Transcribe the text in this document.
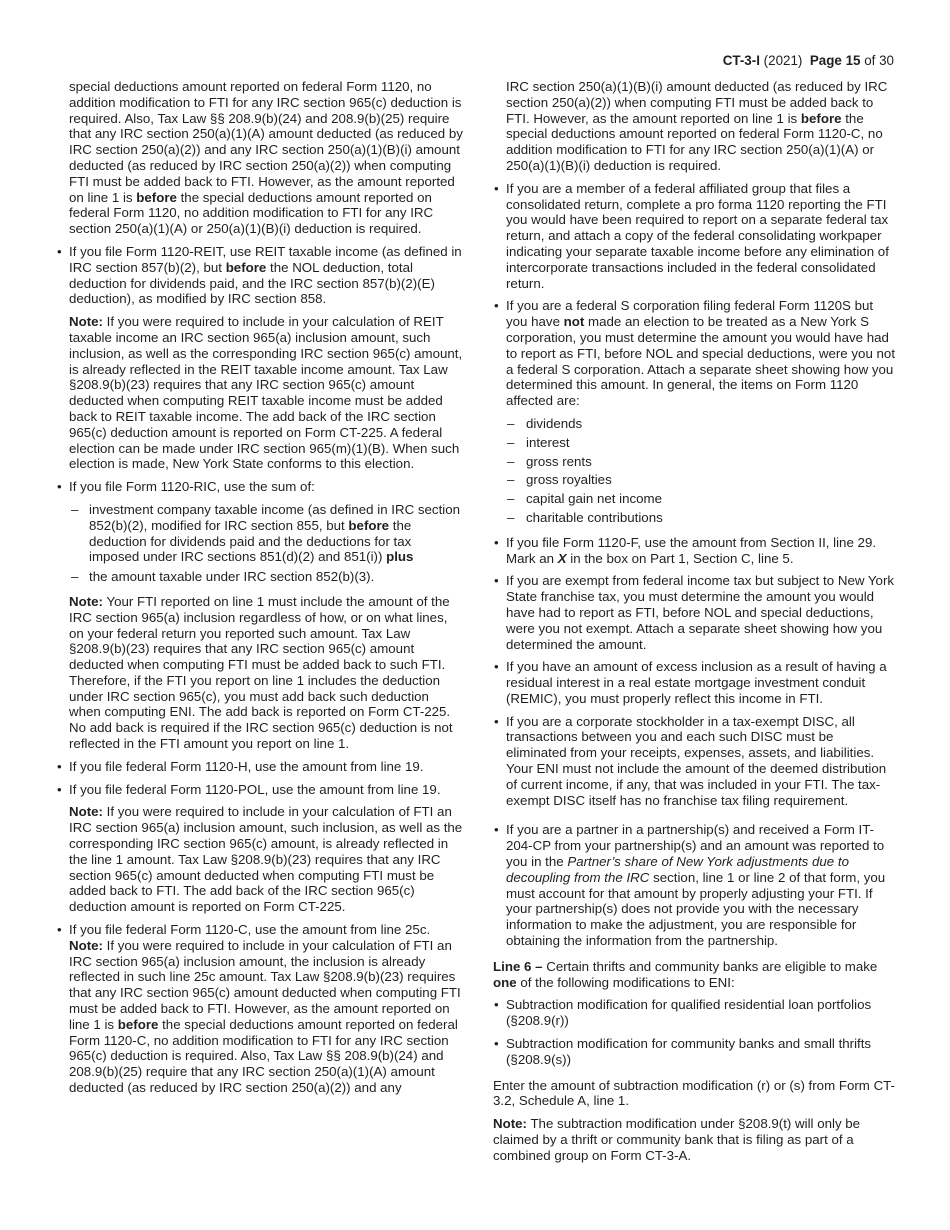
CT-3-I (2021) Page 15 of 30

special deductions amount reported on federal Form 1120, no addition modification to FTI for any IRC section 965(c) deduction is required. Also, Tax Law §§ 208.9(b)(24) and 208.9(b)(25) require that any IRC section 250(a)(1)(A) amount deducted (as reduced by IRC section 250(a)(2)) and any IRC section 250(a)(1)(B)(i) amount deducted (as reduced by IRC section 250(a)(2)) when computing FTI must be added back to FTI. However, as the amount reported on line 1 is before the special deductions amount reported on federal Form 1120, no addition modification to FTI for any IRC section 250(a)(1)(A) or 250(a)(1)(B)(i) deduction is required.

• If you file Form 1120-REIT, use REIT taxable income (as defined in IRC section 857(b)(2), but before the NOL deduction, total deduction for dividends paid, and the IRC section 857(b)(2)(E) deduction), as modified by IRC section 858.

Note: If you were required to include in your calculation of REIT taxable income an IRC section 965(a) inclusion amount, such inclusion, as well as the corresponding IRC section 965(c) amount, is already reflected in the REIT taxable income amount. Tax Law §208.9(b)(23) requires that any IRC section 965(c) amount deducted when computing REIT taxable income must be added back to REIT taxable income. The add back of the IRC section 965(c) deduction amount is reported on Form CT-225. A federal election can be made under IRC section 965(m)(1)(B). When such election is made, New York State conforms to this election.

• If you file Form 1120-RIC, use the sum of:
– investment company taxable income (as defined in IRC section 852(b)(2), modified for IRC section 855, but before the deduction for dividends paid and the deductions for tax imposed under IRC sections 851(d)(2) and 851(i)) plus
– the amount taxable under IRC section 852(b)(3).

Note: Your FTI reported on line 1 must include the amount of the IRC section 965(a) inclusion regardless of how, or on what lines, on your federal return you reported such amount. Tax Law §208.9(b)(23) requires that any IRC section 965(c) amount deducted when computing FTI must be added back to such FTI. Therefore, if the FTI you report on line 1 includes the deduction under IRC section 965(c), you must add back such deduction when computing ENI. The add back is reported on Form CT-225. No add back is required if the IRC section 965(c) deduction is not reflected in the FTI amount you report on line 1.

• If you file federal Form 1120-H, use the amount from line 19.
• If you file federal Form 1120-POL, use the amount from line 19.

Note: If you were required to include in your calculation of FTI an IRC section 965(a) inclusion amount, such inclusion, as well as the corresponding IRC section 965(c) amount, is already reflected in the line 1 amount. Tax Law §208.9(b)(23) requires that any IRC section 965(c) amount deducted when computing FTI must be added back to FTI. The add back of the IRC section 965(c) deduction amount is reported on Form CT-225.

• If you file federal Form 1120-C, use the amount from line 25c.

Note: If you were required to include in your calculation of FTI an IRC section 965(a) inclusion amount, the inclusion is already reflected in such line 25c amount. Tax Law §208.9(b)(23) requires that any IRC section 965(c) amount deducted when computing FTI must be added back to FTI. However, as the amount reported on line 1 is before the special deductions amount reported on federal Form 1120-C, no addition modification to FTI for any IRC section 965(c) deduction is required. Also, Tax Law §§ 208.9(b)(24) and 208.9(b)(25) require that any IRC section 250(a)(1)(A) amount deducted (as reduced by IRC section 250(a)(2)) and any

IRC section 250(a)(1)(B)(i) amount deducted (as reduced by IRC section 250(a)(2)) when computing FTI must be added back to FTI. However, as the amount reported on line 1 is before the special deductions amount reported on federal Form 1120-C, no addition modification to FTI for any IRC section 250(a)(1)(A) or 250(a)(1)(B)(i) deduction is required.

• If you are a member of a federal affiliated group that files a consolidated return, complete a pro forma 1120 reporting the FTI you would have been required to report on a separate federal tax return, and attach a copy of the federal consolidating workpaper indicating your separate taxable income before any elimination of intercorporate transactions included in the federal consolidated return.
• If you are a federal S corporation filing federal Form 1120S but you have not made an election to be treated as a New York S corporation, you must determine the amount you would have had to report as FTI, before NOL and special deductions, were you not a federal S corporation. Attach a separate sheet showing how you determined this amount. In general, the items on Form 1120 affected are:
– dividends
– interest
– gross rents
– gross royalties
– capital gain net income
– charitable contributions
• If you file Form 1120-F, use the amount from Section II, line 29. Mark an X in the box on Part 1, Section C, line 5.
• If you are exempt from federal income tax but subject to New York State franchise tax, you must determine the amount you would have had to report as FTI, before NOL and special deductions, were you not exempt. Attach a separate sheet showing how you determined the amount.
• If you have an amount of excess inclusion as a result of having a residual interest in a real estate mortgage investment conduit (REMIC), you must properly reflect this income in FTI.
• If you are a corporate stockholder in a tax-exempt DISC, all transactions between you and each such DISC must be eliminated from your receipts, expenses, assets, and liabilities. Your ENI must not include the amount of the deemed distribution of current income, if any, that was included in your FTI. The tax-exempt DISC itself has no franchise tax filing requirement.
• If you are a partner in a partnership(s) and received a Form IT-204-CP from your partnership(s) and an amount was reported to you in the Partner’s share of New York adjustments due to decoupling from the IRC section, line 1 or line 2 of that form, you must account for that amount by properly adjusting your FTI. If your partnership(s) does not provide you with the necessary information to make the adjustment, you are responsible for obtaining the information from the partnership.

Line 6 – Certain thrifts and community banks are eligible to make one of the following modifications to ENI:

• Subtraction modification for qualified residential loan portfolios (§208.9(r))
• Subtraction modification for community banks and small thrifts (§208.9(s))

Enter the amount of subtraction modification (r) or (s) from Form CT-3.2, Schedule A, line 1.

Note: The subtraction modification under §208.9(t) will only be claimed by a thrift or community bank that is filing as part of a combined group on Form CT-3-A.
